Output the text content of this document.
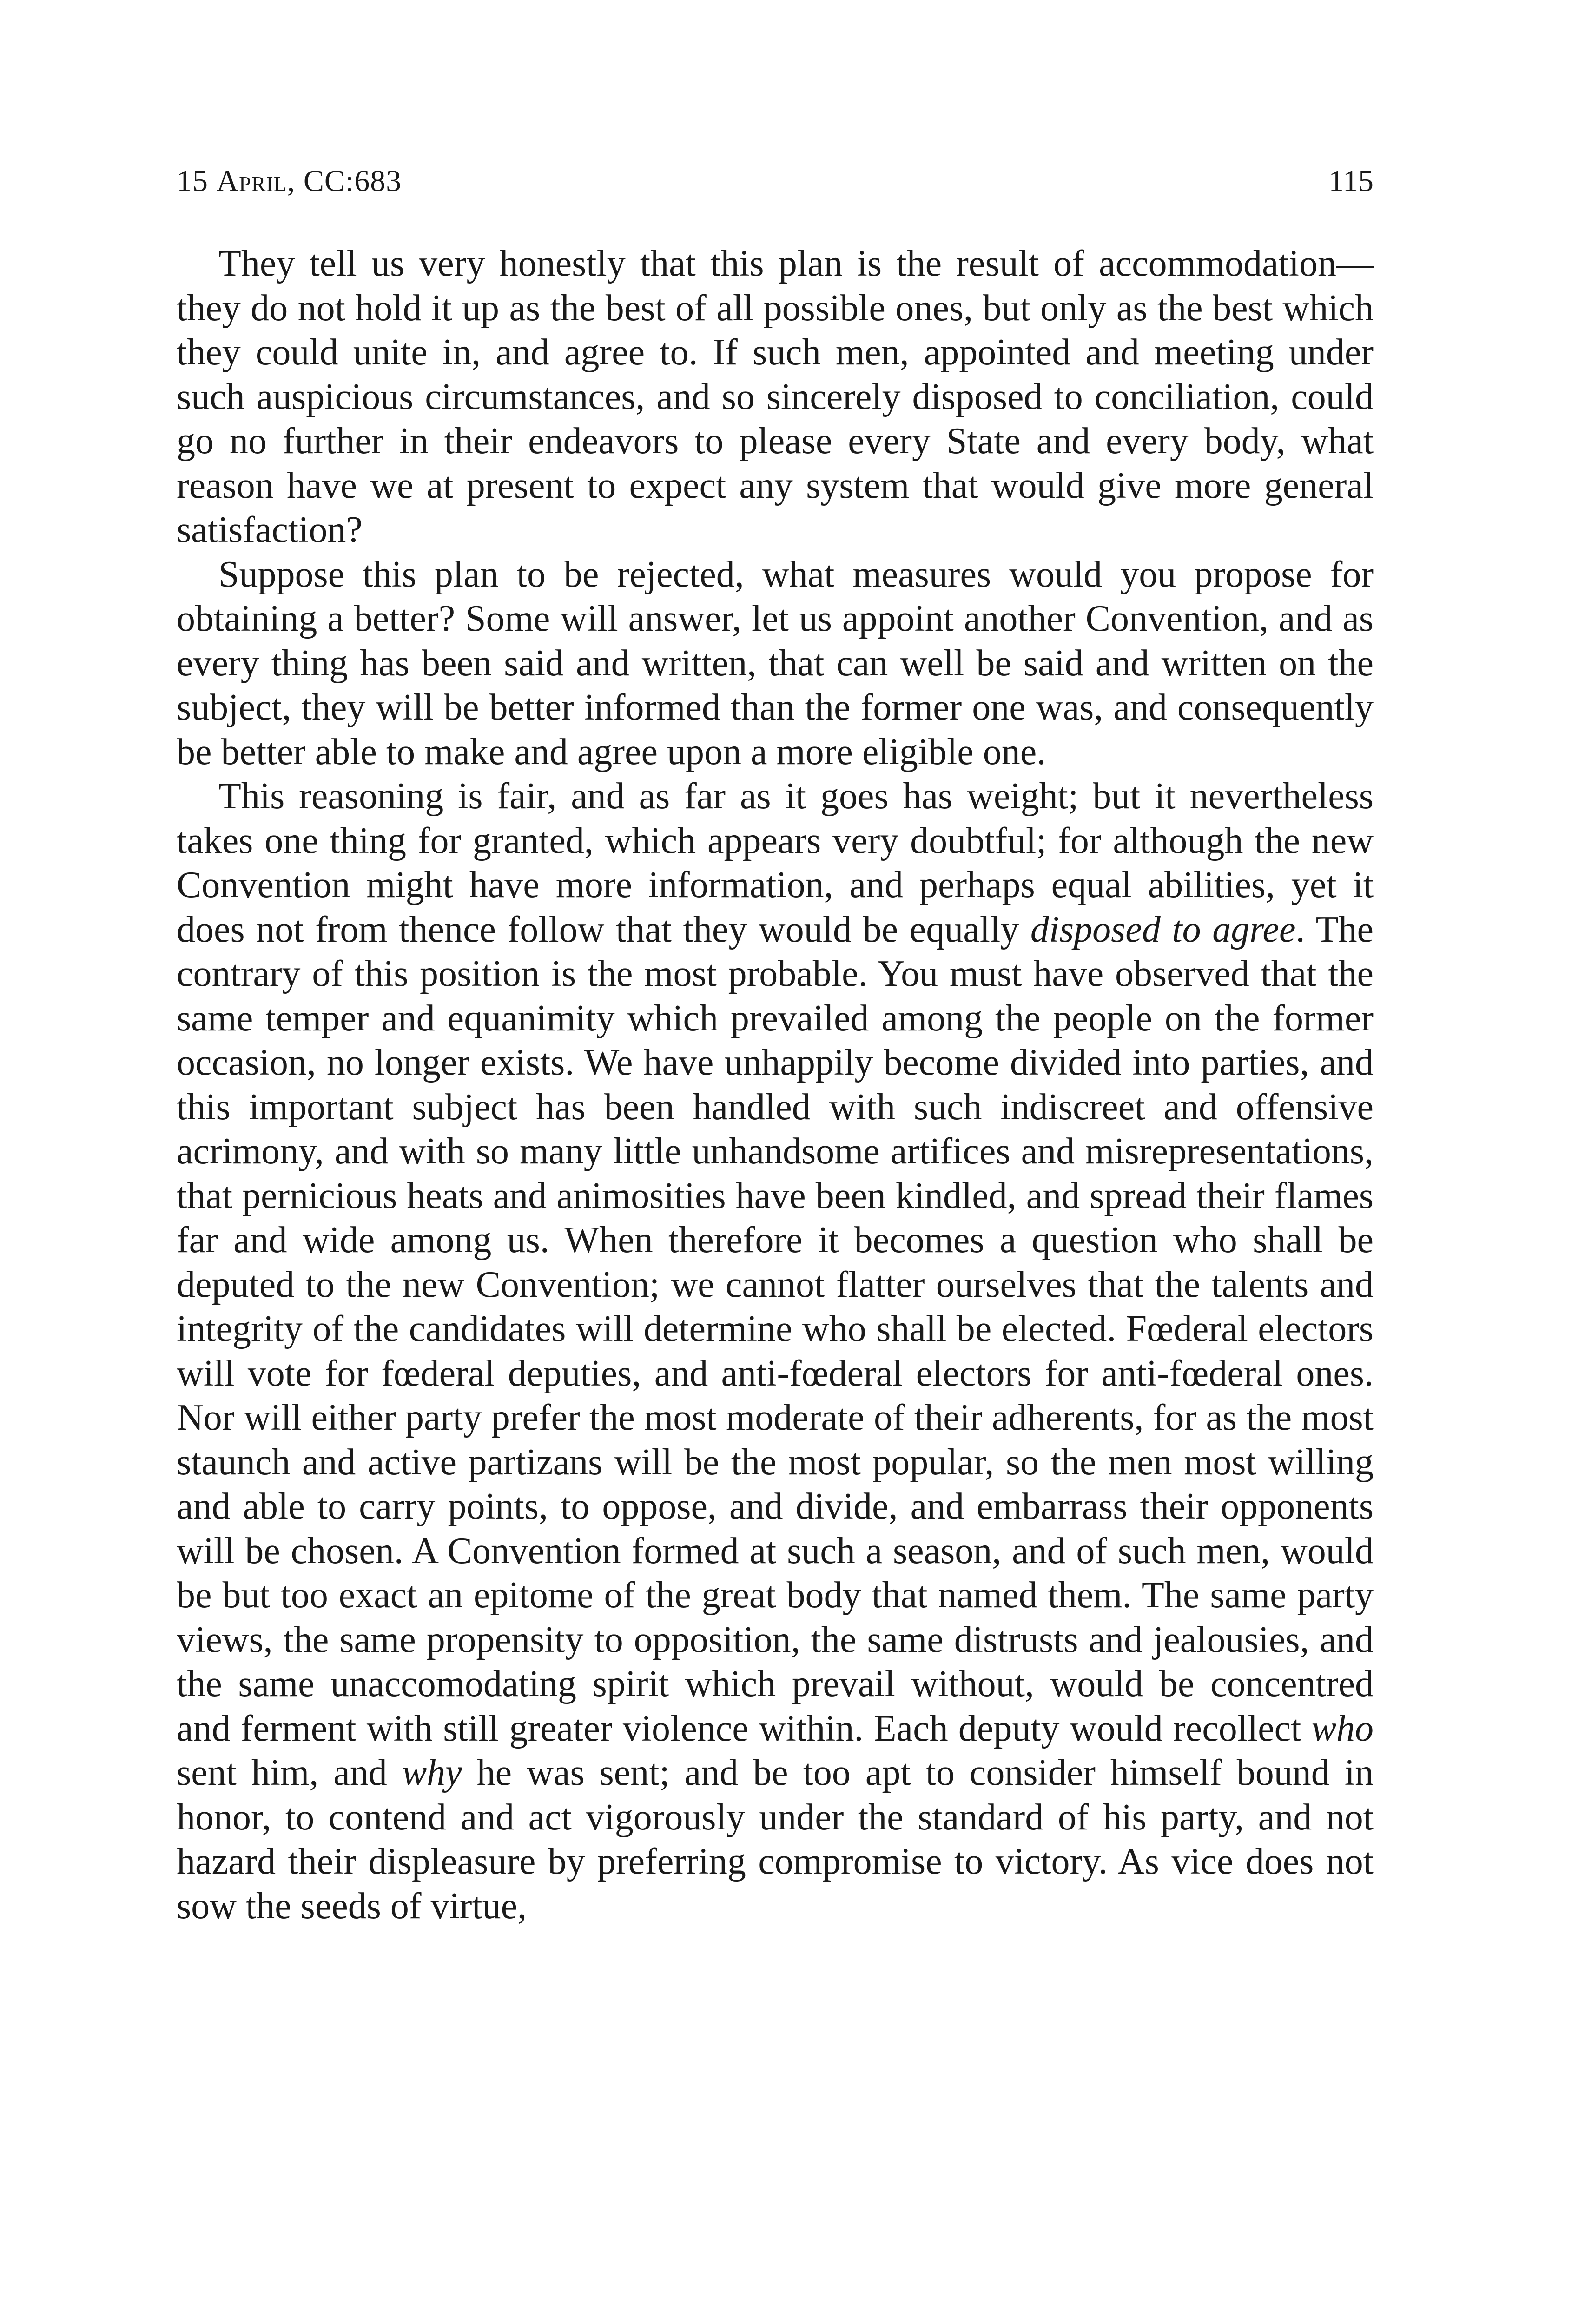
15 April, CC:683	115

They tell us very honestly that this plan is the result of accommodation—they do not hold it up as the best of all possible ones, but only as the best which they could unite in, and agree to. If such men, appointed and meeting under such auspicious circumstances, and so sincerely disposed to conciliation, could go no further in their endeavors to please every State and every body, what reason have we at present to expect any system that would give more general satisfaction?

Suppose this plan to be rejected, what measures would you propose for obtaining a better? Some will answer, let us appoint another Convention, and as every thing has been said and written, that can well be said and written on the subject, they will be better informed than the former one was, and consequently be better able to make and agree upon a more eligible one.

This reasoning is fair, and as far as it goes has weight; but it nevertheless takes one thing for granted, which appears very doubtful; for although the new Convention might have more information, and perhaps equal abilities, yet it does not from thence follow that they would be equally disposed to agree. The contrary of this position is the most probable. You must have observed that the same temper and equanimity which prevailed among the people on the former occasion, no longer exists. We have unhappily become divided into parties, and this important subject has been handled with such indiscreet and offensive acrimony, and with so many little unhandsome artifices and misrepresentations, that pernicious heats and animosities have been kindled, and spread their flames far and wide among us. When therefore it becomes a question who shall be deputed to the new Convention; we cannot flatter ourselves that the talents and integrity of the candidates will determine who shall be elected. Fœderal electors will vote for fœderal deputies, and anti-fœderal electors for anti-fœderal ones. Nor will either party prefer the most moderate of their adherents, for as the most staunch and active partizans will be the most popular, so the men most willing and able to carry points, to oppose, and divide, and embarrass their opponents will be chosen. A Convention formed at such a season, and of such men, would be but too exact an epitome of the great body that named them. The same party views, the same propensity to opposition, the same distrusts and jealousies, and the same unaccomodating spirit which prevail without, would be concentred and ferment with still greater violence within. Each deputy would recollect who sent him, and why he was sent; and be too apt to consider himself bound in honor, to contend and act vigorously under the standard of his party, and not hazard their displeasure by preferring compromise to victory. As vice does not sow the seeds of virtue,
